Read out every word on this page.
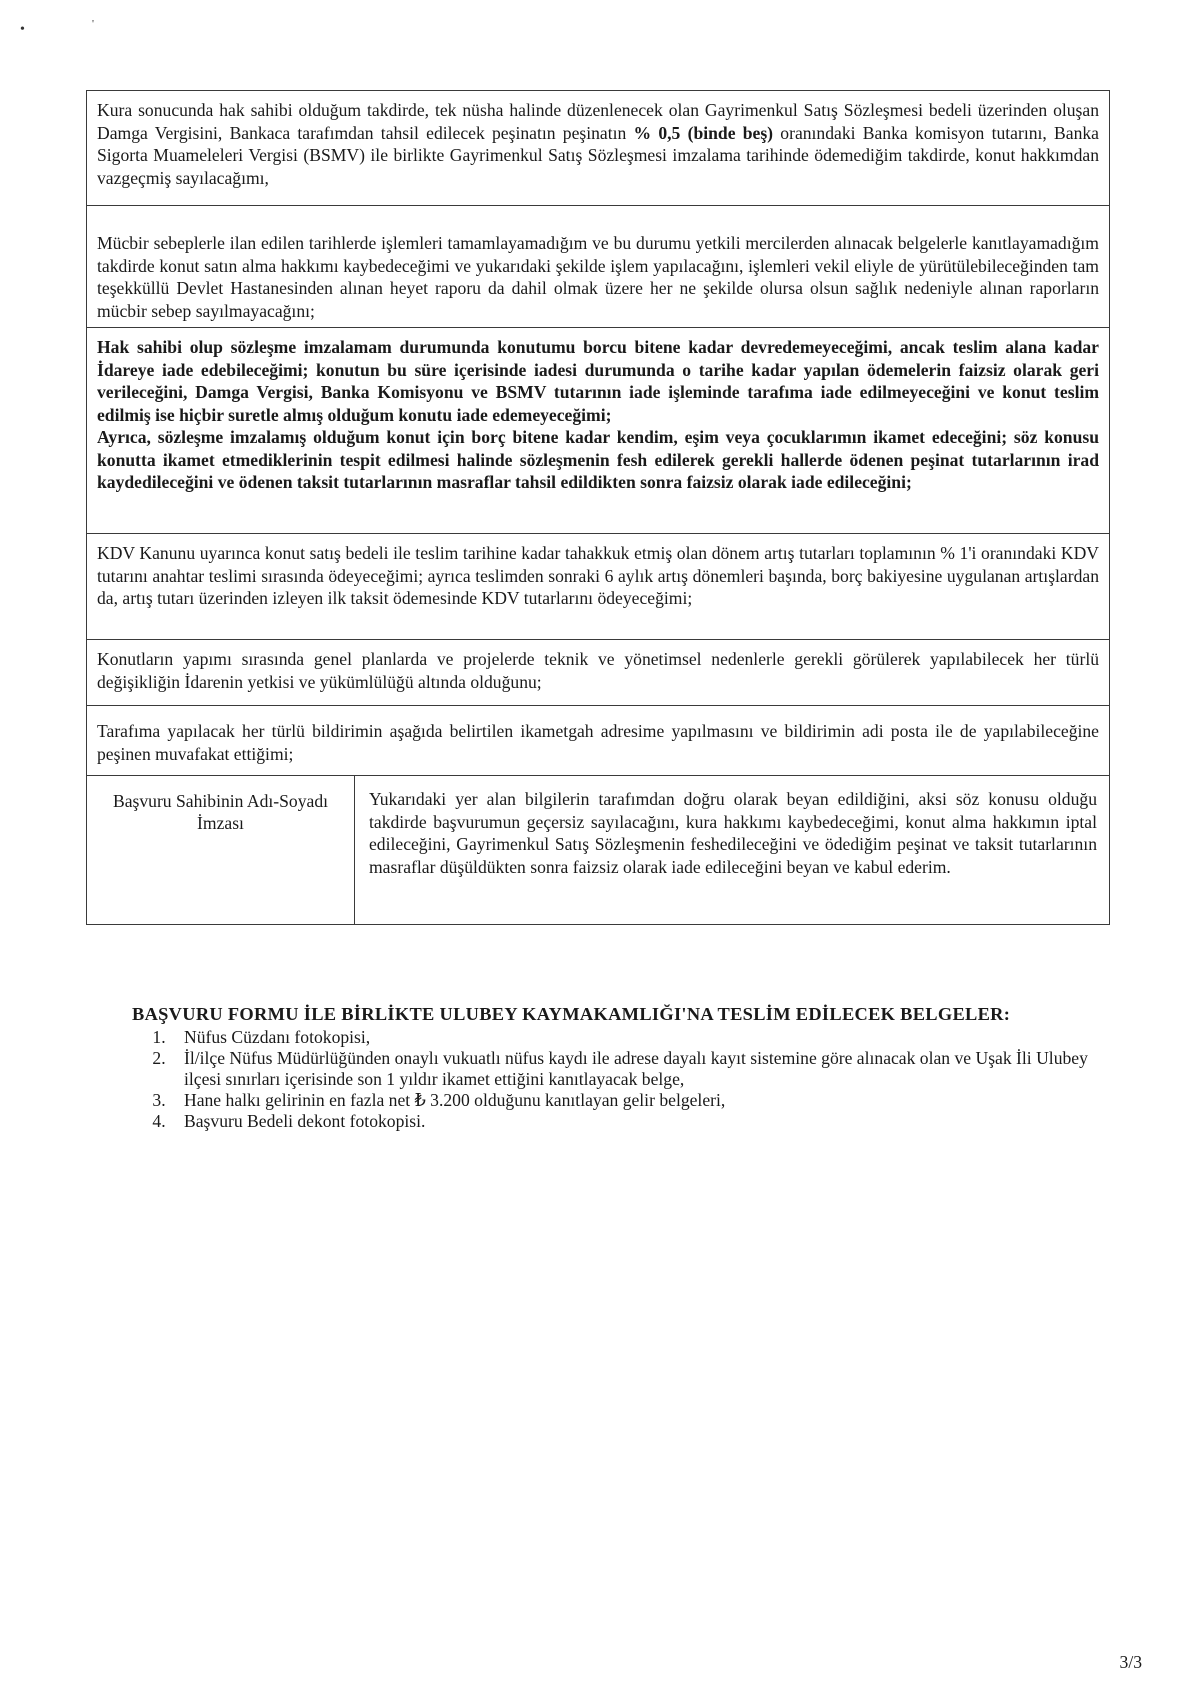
•	'

Kura sonucunda hak sahibi olduğum takdirde, tek nüsha halinde düzenlenecek olan Gayrimenkul Satış Sözleşmesi bedeli üzerinden oluşan Damga Vergisini, Bankaca tarafımdan tahsil edilecek peşinatın peşinatın % 0,5 (binde beş) oranındaki Banka komisyon tutarını, Banka Sigorta Muameleleri Vergisi (BSMV) ile birlikte Gayrimenkul Satış Sözleşmesi imzalama tarihinde ödemediğim takdirde, konut hakkımdan vazgeçmiş sayılacağımı,

Mücbir sebeplerle ilan edilen tarihlerde işlemleri tamamlayamadığım ve bu durumu yetkili mercilerden alınacak belgelerle kanıtlayamadığım takdirde konut satın alma hakkımı kaybedeceğimi ve yukarıdaki şekilde işlem yapılacağını, işlemleri vekil eliyle de yürütülebileceğinden tam teşekküllü Devlet Hastanesinden alınan heyet raporu da dahil olmak üzere her ne şekilde olursa olsun sağlık nedeniyle alınan raporların mücbir sebep sayılmayacağını;

Hak sahibi olup sözleşme imzalamam durumunda konutumu borcu bitene kadar devredemeyeceğimi, ancak teslim alana kadar İdareye iade edebileceğimi; konutun bu süre içerisinde iadesi durumunda o tarihe kadar yapılan ödemelerin faizsiz olarak geri verileceğini, Damga Vergisi, Banka Komisyonu ve BSMV tutarının iade işleminde tarafıma iade edilmeyeceğini ve konut teslim edilmiş ise hiçbir suretle almış olduğum konutu iade edemeyeceğimi;

Ayrıca, sözleşme imzalamış olduğum konut için borç bitene kadar kendim, eşim veya çocuklarımın ikamet edeceğini; söz konusu konutta ikamet etmediklerinin tespit edilmesi halinde sözleşmenin fesh edilerek gerekli hallerde ödenen peşinat tutarlarının irad kaydedileceğini ve ödenen taksit tutarlarının masraflar tahsil edildikten sonra faizsiz olarak iade edileceğini;

KDV Kanunu uyarınca konut satış bedeli ile teslim tarihine kadar tahakkuk etmiş olan dönem artış tutarları toplamının % 1'i oranındaki KDV tutarını anahtar teslimi sırasında ödeyeceğimi; ayrıca teslimden sonraki 6 aylık artış dönemleri başında, borç bakiyesine uygulanan artışlardan da, artış tutarı üzerinden izleyen ilk taksit ödemesinde KDV tutarlarını ödeyeceğimi;

Konutların yapımı sırasında genel planlarda ve projelerde teknik ve yönetimsel nedenlerle gerekli görülerek yapılabilecek her türlü değişikliğin İdarenin yetkisi ve yükümlülüğü altında olduğunu;

Tarafıma yapılacak her türlü bildirimin aşağıda belirtilen ikametgah adresime yapılmasını ve bildirimin adi posta ile de yapılabileceğine peşinen muvafakat ettiğimi;

Başvuru Sahibinin Adı-Soyadı
İmzası

Yukarıdaki yer alan bilgilerin tarafımdan doğru olarak beyan edildiğini, aksi söz konusu olduğu takdirde başvurumun geçersiz sayılacağını, kura hakkımı kaybedeceğimi, konut alma hakkımın iptal edileceğini, Gayrimenkul Satış Sözleşmenin feshedileceğini ve ödediğim peşinat ve taksit tutarlarının masraflar düşüldükten sonra faizsiz olarak iade edileceğini beyan ve kabul ederim.

BAŞVURU FORMU İLE BİRLİKTE ULUBEY KAYMAKAMLIĞI'NA TESLİM EDİLECEK BELGELER:
1. Nüfus Cüzdanı fotokopisi,
2. İl/ilçe Nüfus Müdürlüğünden onaylı vukuatlı nüfus kaydı ile adrese dayalı kayıt sistemine göre alınacak olan ve Uşak İli Ulubey ilçesi sınırları içerisinde son 1 yıldır ikamet ettiğini kanıtlayacak belge,
3. Hane halkı gelirinin en fazla net ₺ 3.200 olduğunu kanıtlayan gelir belgeleri,
4. Başvuru Bedeli dekont fotokopisi.
3/3
